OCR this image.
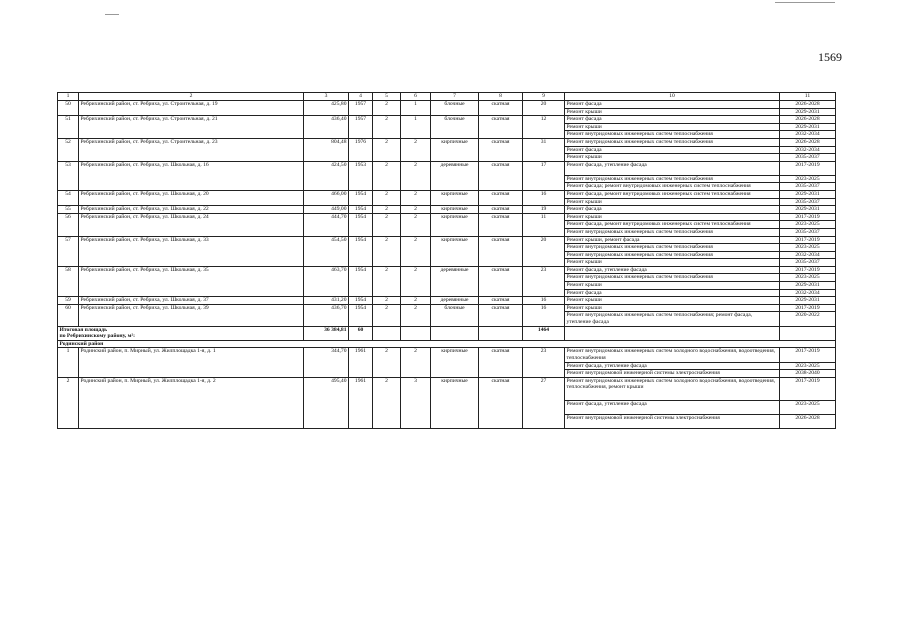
1569
1	2	3	4	5	6	7	8	9	10	11
50	Ребрихинский район, ст. Ребриха, ул. Строительная, д. 19	425,80	1957	2	1	блочные	скатная	20	Ремонт фасада	2026-2028
									Ремонт крыши	2029-2031
51	Ребрихинский район, ст. Ребриха, ул. Строительная, д. 21	436,40	1957	2	1	блочные	скатная	12	Ремонт фасада	2026-2028
									Ремонт крыши	2029-2031
									Ремонт внутридомовых инженерных систем теплоснабжения	2032-2034
52	Ребрихинский район, ст. Ребриха, ул. Строительная, д. 23	804,48	1976	2	2	кирпичные	скатная	31	Ремонт внутридомовых инженерных систем теплоснабжения	2026-2028
									Ремонт фасада	2032-2034
									Ремонт крыши	2035-2037
53	Ребрихинский район, ст. Ребриха, ул. Школьная, д. 16	424,50	1953	2	2	деревянные	скатная	17	Ремонт фасада, утепление фасада	2017-2019
									Ремонт внутридомовых инженерных систем теплоснабжения	2023-2025
									Ремонт фасада; ремонт внутридомовых инженерных систем теплоснабжения	2035-2037
54	Ребрихинский район, ст. Ребриха, ул. Школьная, д. 20	466,00	1954	2	2	кирпичные	скатная	16	Ремонт фасада, ремонт внутридомовых инженерных систем теплоснабжения	2029-2031
									Ремонт крыши	2035-2037
55	Ребрихинский район, ст. Ребриха, ул. Школьная, д. 22	449,00	1954	2	2	кирпичные	скатная	19	Ремонт фасада	2029-2031
56	Ребрихинский район, ст. Ребриха, ул. Школьная, д. 24	444,70	1954	2	2	кирпичные	скатная	11	Ремонт крыши	2017-2019
									Ремонт фасада, ремонт внутридомовых инженерных систем теплоснабжения	2023-2025
									Ремонт внутридомовых инженерных систем теплоснабжения	2035-2037
57	Ребрихинский район, ст. Ребриха, ул. Школьная, д. 33	454,50	1954	2	2	кирпичные	скатная	20	Ремонт крыши, ремонт фасада	2017-2019
									Ремонт внутридомовых инженерных систем теплоснабжения	2023-2025
									Ремонт внутридомовых инженерных систем теплоснабжения	2032-2034
									Ремонт крыши	2035-2037
58	Ребрихинский район, ст. Ребриха, ул. Школьная, д. 35	463,70	1954	2	2	деревянные	скатная	23	Ремонт фасада, утепление фасада	2017-2019
									Ремонт внутридомовых инженерных систем теплоснабжения	2023-2025
									Ремонт крыши	2029-2031
									Ремонт фасада	2032-2034
59	Ребрихинский район, ст. Ребриха, ул. Школьная, д. 37	431,20	1954	2	2	деревянные	скатная	16	Ремонт крыши	2029-2031
60	Ребрихинский район, ст. Ребриха, ул. Школьная, д. 39	436,70	1954	2	2	блочные	скатная	16	Ремонт крыши	2017-2019
									Ремонт внутридомовых инженерных систем теплоснабжения; ремонт фасада, утепление фасада	2020-2022

Итоговая площадь
по Ребрихинскому району, м²:		36 384,81	60					1464		
Родинский район										
1	Родинский район, п. Мирный, ул. Жилплощадка 1-я, д. 1	344,70	1961	2	2	кирпичные	скатная	23	Ремонт внутридомовых инженерных систем холодного водоснабжения, водоотведения, теплоснабжения	2017-2019
									Ремонт фасада, утепление фасада	2023-2025
									Ремонт внутридомовой инженерной системы электроснабжения	2038-2040
2	Родинский район, п. Мирный, ул. Жилплощадка 1-я, д. 2	495,40	1961	2	3	кирпичные	скатная	27	Ремонт внутридомовых инженерных систем холодного водоснабжения, водоотведения, теплоснабжения, ремонт крыши	2017-2019
									Ремонт фасада, утепление фасада	2023-2025
									Ремонт внутридомовой инженерной системы электроснабжения	2026-2028
